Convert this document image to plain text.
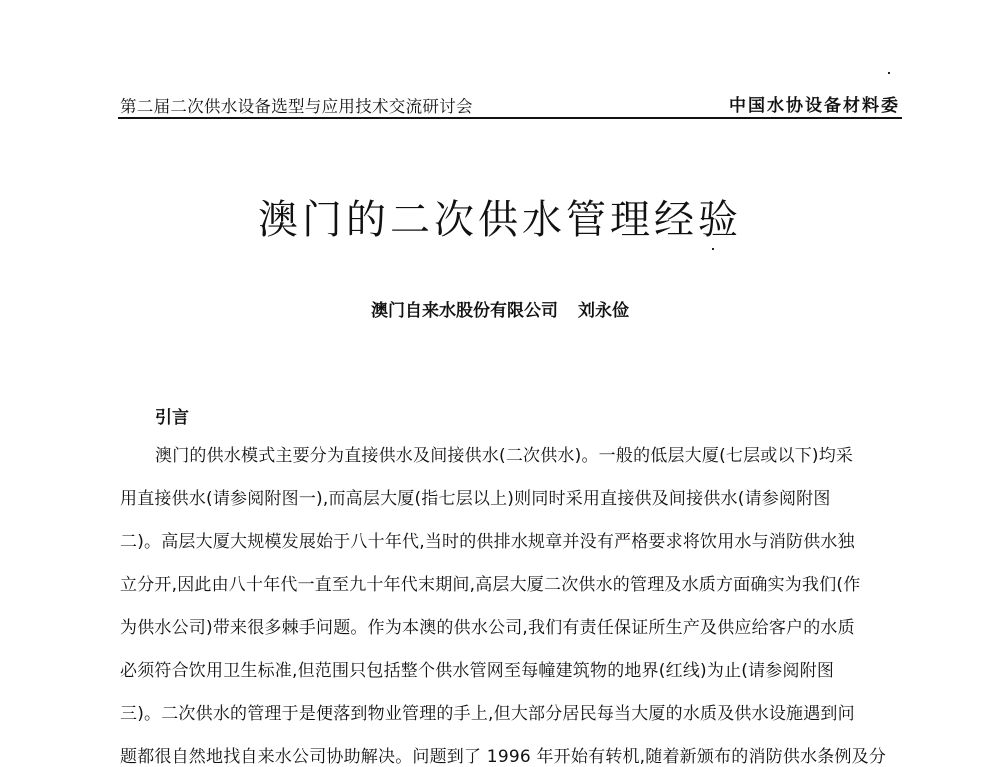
第二届二次供水设备选型与应用技术交流研讨会	中国水协设备材料委
澳门的二次供水管理经验
澳门自来水股份有限公司 刘永俭
引言
澳门的供水模式主要分为直接供水及间接供水(二次供水)。一般的低层大厦(七层或以下)均采
用直接供水(请参阅附图一),而高层大厦(指七层以上)则同时采用直接供及间接供水(请参阅附图
二)。高层大厦大规模发展始于八十年代,当时的供排水规章并没有严格要求将饮用水与消防供水独
立分开,因此由八十年代一直至九十年代末期间,高层大厦二次供水的管理及水质方面确实为我们(作
为供水公司)带来很多棘手问题。作为本澳的供水公司,我们有责任保证所生产及供应给客户的水质
必须符合饮用卫生标准,但范围只包括整个供水管网至每幢建筑物的地界(红线)为止(请参阅附图
三)。二次供水的管理于是便落到物业管理的手上,但大部分居民每当大厦的水质及供水设施遇到问
题都很自然地找自来水公司协助解决。问题到了 1996 年开始有转机,随着新颁布的消防供水条例及分
